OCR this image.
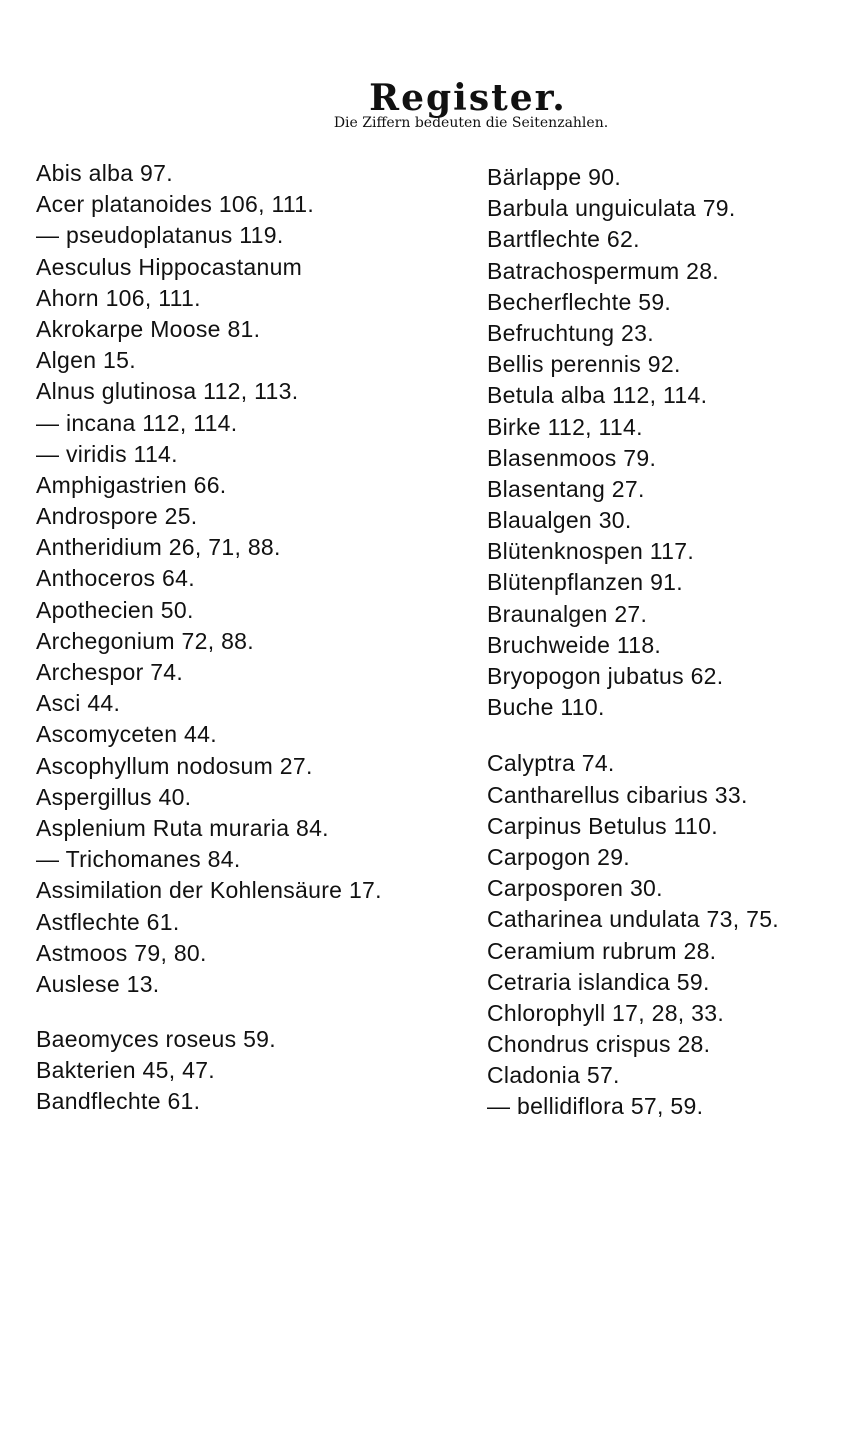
Register.
Die Ziffern bedeuten die Seitenzahlen.
Abis alba 97.
Acer platanoides 106, 111.
— pseudoplatanus 119.
Aesculus Hippocastanum
Ahorn 106, 111.
Akrokarpe Moose 81.
Algen 15.
Alnus glutinosa 112, 113.
— incana 112, 114.
— viridis 114.
Amphigastrien 66.
Androspore 25.
Antheridium 26, 71, 88.
Anthoceros 64.
Apothecien 50.
Archegonium 72, 88.
Archespor 74.
Asci 44.
Ascomyceten 44.
Ascophyllum nodosum 27.
Aspergillus 40.
Asplenium Ruta muraria 84.
— Trichomanes 84.
Assimilation der Kohlensäure 17.
Astflechte 61.
Astmoos 79, 80.
Auslese 13.
Baeomyces roseus 59.
Bakterien 45, 47.
Bandflechte 61.
Bärlappe 90.
Barbula unguiculata 79.
Bartflechte 62.
Batrachospermum 28.
Becherflechte 59.
Befruchtung 23.
Bellis perennis 92.
Betula alba 112, 114.
Birke 112, 114.
Blasenmoos 79.
Blasentang 27.
Blaualgen 30.
Blütenknospen 117.
Blütenpflanzen 91.
Braunalgen 27.
Bruchweide 118.
Bryopogon jubatus 62.
Buche 110.
Calyptra 74.
Cantharellus cibarius 33.
Carpinus Betulus 110.
Carpogon 29.
Carposporen 30.
Catharinea undulata 73, 75.
Ceramium rubrum 28.
Cetraria islandica 59.
Chlorophyll 17, 28, 33.
Chondrus crispus 28.
Cladonia 57.
— bellidiflora 57, 59.
